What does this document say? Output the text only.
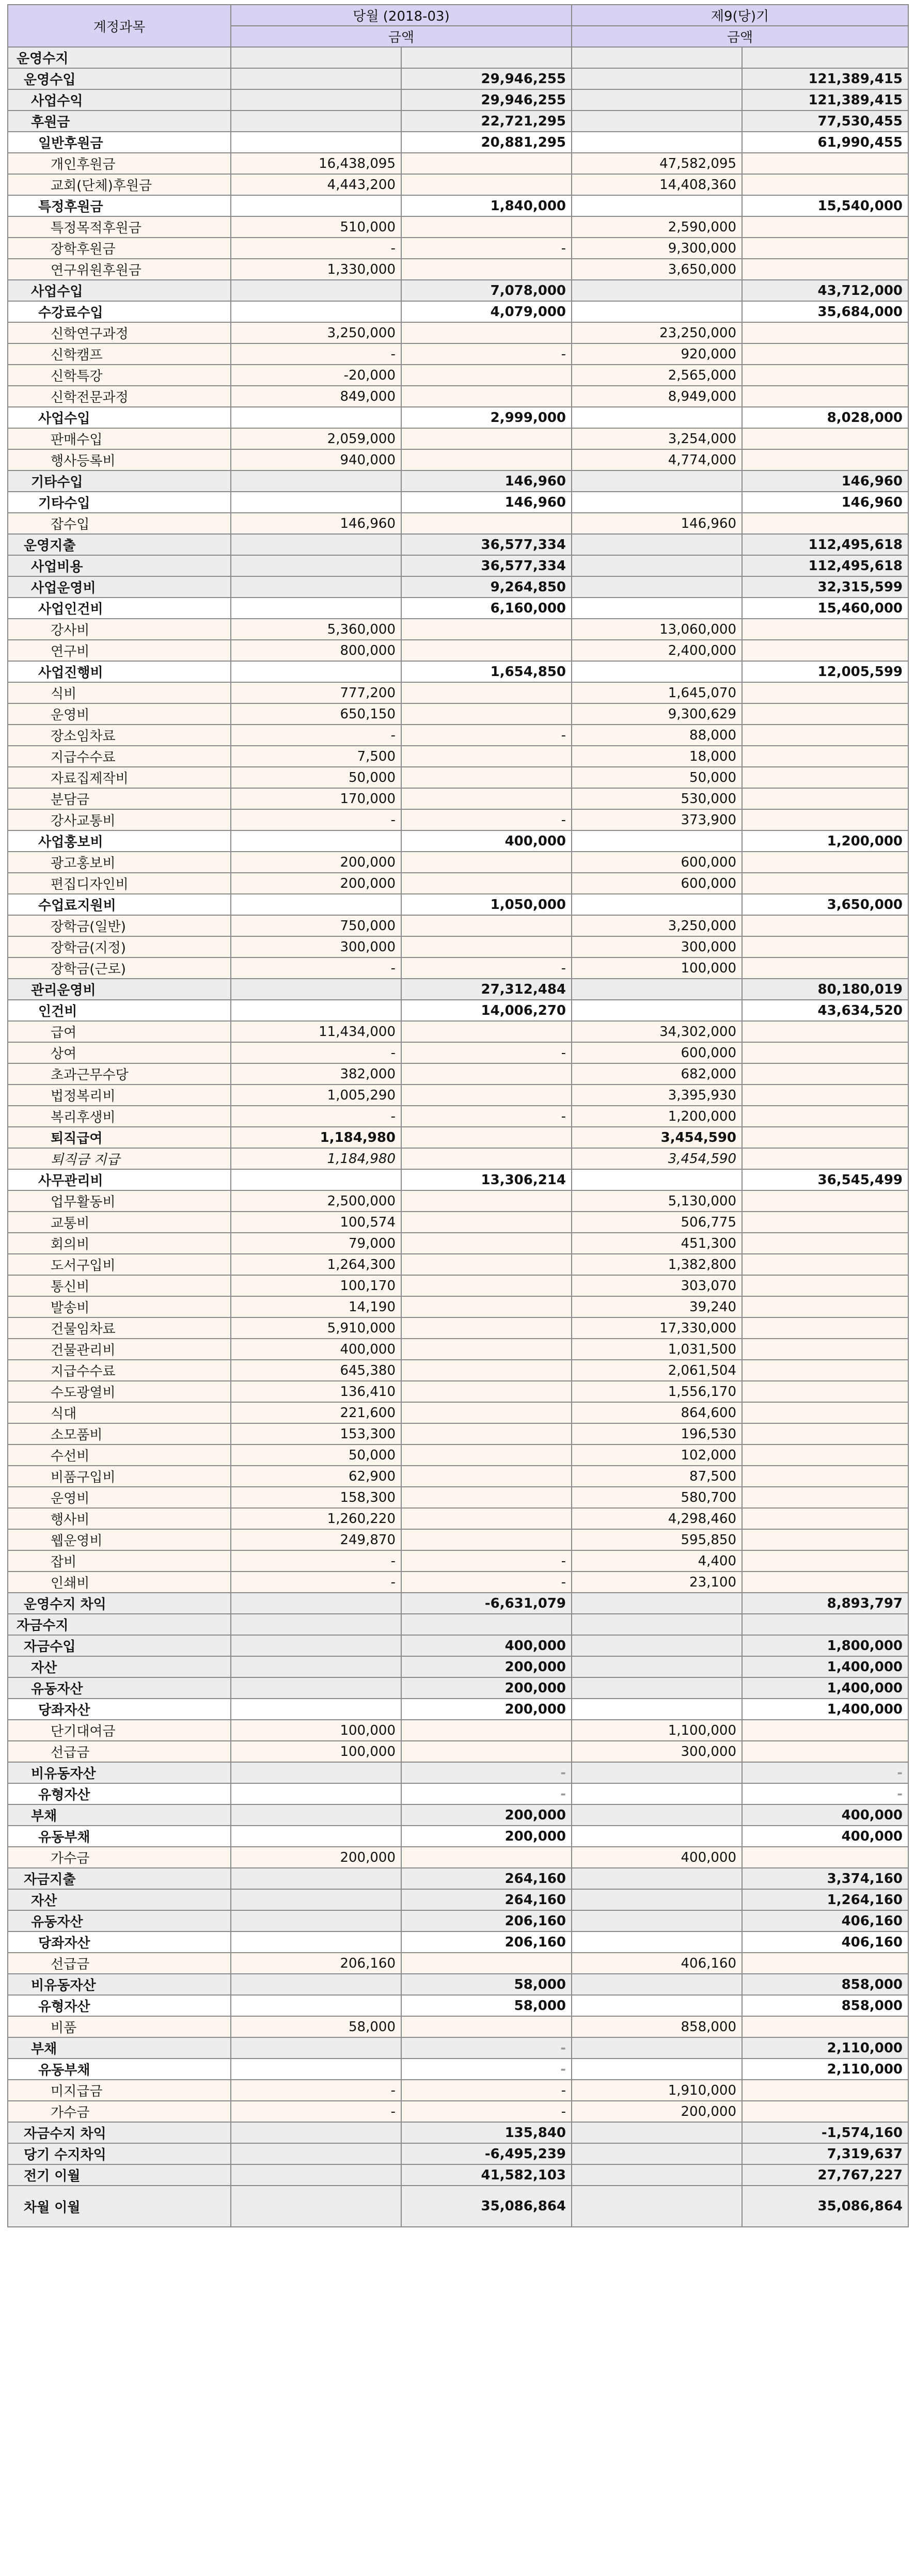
계정과목	당월 (2018-03)		제9(당)기	
	금액		금액	
운영수지				
운영수입		29,946,255		121,389,415
사업수익		29,946,255		121,389,415
후원금		22,721,295		77,530,455
일반후원금		20,881,295		61,990,455
개인후원금	16,438,095		47,582,095	
교회(단체)후원금	4,443,200		14,408,360	
특정후원금		1,840,000		15,540,000
특정목적후원금	510,000		2,590,000	
장학후원금	-	-	9,300,000	
연구위원후원금	1,330,000		3,650,000	
사업수입		7,078,000		43,712,000
수강료수입		4,079,000		35,684,000
신학연구과정	3,250,000		23,250,000	
신학캠프	-	-	920,000	
신학특강	-20,000		2,565,000	
신학전문과정	849,000		8,949,000	
사업수입		2,999,000		8,028,000
판매수입	2,059,000		3,254,000	
행사등록비	940,000		4,774,000	
기타수입		146,960		146,960
기타수입		146,960		146,960
잡수입	146,960		146,960	
운영지출		36,577,334		112,495,618
사업비용		36,577,334		112,495,618
사업운영비		9,264,850		32,315,599
사업인건비		6,160,000		15,460,000
강사비	5,360,000		13,060,000	
연구비	800,000		2,400,000	
사업진행비		1,654,850		12,005,599
식비	777,200		1,645,070	
운영비	650,150		9,300,629	
장소임차료	-	-	88,000	
지급수수료	7,500		18,000	
자료집제작비	50,000		50,000	
분담금	170,000		530,000	
강사교통비	-	-	373,900	
사업홍보비		400,000		1,200,000
광고홍보비	200,000		600,000	
편집디자인비	200,000		600,000	
수업료지원비		1,050,000		3,650,000
장학금(일반)	750,000		3,250,000	
장학금(지정)	300,000		300,000	
장학금(근로)	-	-	100,000	
관리운영비		27,312,484		80,180,019
인건비		14,006,270		43,634,520
급여	11,434,000		34,302,000	
상여	-	-	600,000	
초과근무수당	382,000		682,000	
법정복리비	1,005,290		3,395,930	
복리후생비	-	-	1,200,000	
퇴직급여	1,184,980		3,454,590	
퇴직금 지급	1,184,980		3,454,590	
사무관리비		13,306,214		36,545,499
업무활동비	2,500,000		5,130,000	
교통비	100,574		506,775	
회의비	79,000		451,300	
도서구입비	1,264,300		1,382,800	
통신비	100,170		303,070	
발송비	14,190		39,240	
건물임차료	5,910,000		17,330,000	
건물관리비	400,000		1,031,500	
지급수수료	645,380		2,061,504	
수도광열비	136,410		1,556,170	
식대	221,600		864,600	
소모품비	153,300		196,530	
수선비	50,000		102,000	
비품구입비	62,900		87,500	
운영비	158,300		580,700	
행사비	1,260,220		4,298,460	
웹운영비	249,870		595,850	
잡비	-	-	4,400	
인쇄비	-	-	23,100	
운영수지 차익		-6,631,079		8,893,797
자금수지				
자금수입		400,000		1,800,000
자산		200,000		1,400,000
유동자산		200,000		1,400,000
당좌자산		200,000		1,400,000
단기대여금	100,000		1,100,000	
선급금	100,000		300,000	
비유동자산		-		-
유형자산		-		-
부채		200,000		400,000
유동부채		200,000		400,000
가수금	200,000		400,000	
자금지출		264,160		3,374,160
자산		264,160		1,264,160
유동자산		206,160		406,160
당좌자산		206,160		406,160
선급금	206,160		406,160	
비유동자산		58,000		858,000
유형자산		58,000		858,000
비품	58,000		858,000	
부채		-		2,110,000
유동부채		-		2,110,000
미지급금	-	-	1,910,000	
가수금	-	-	200,000	
자금수지 차익		135,840		-1,574,160
당기 수지차익		-6,495,239		7,319,637
전기 이월		41,582,103		27,767,227
차월 이월		35,086,864		35,086,864
